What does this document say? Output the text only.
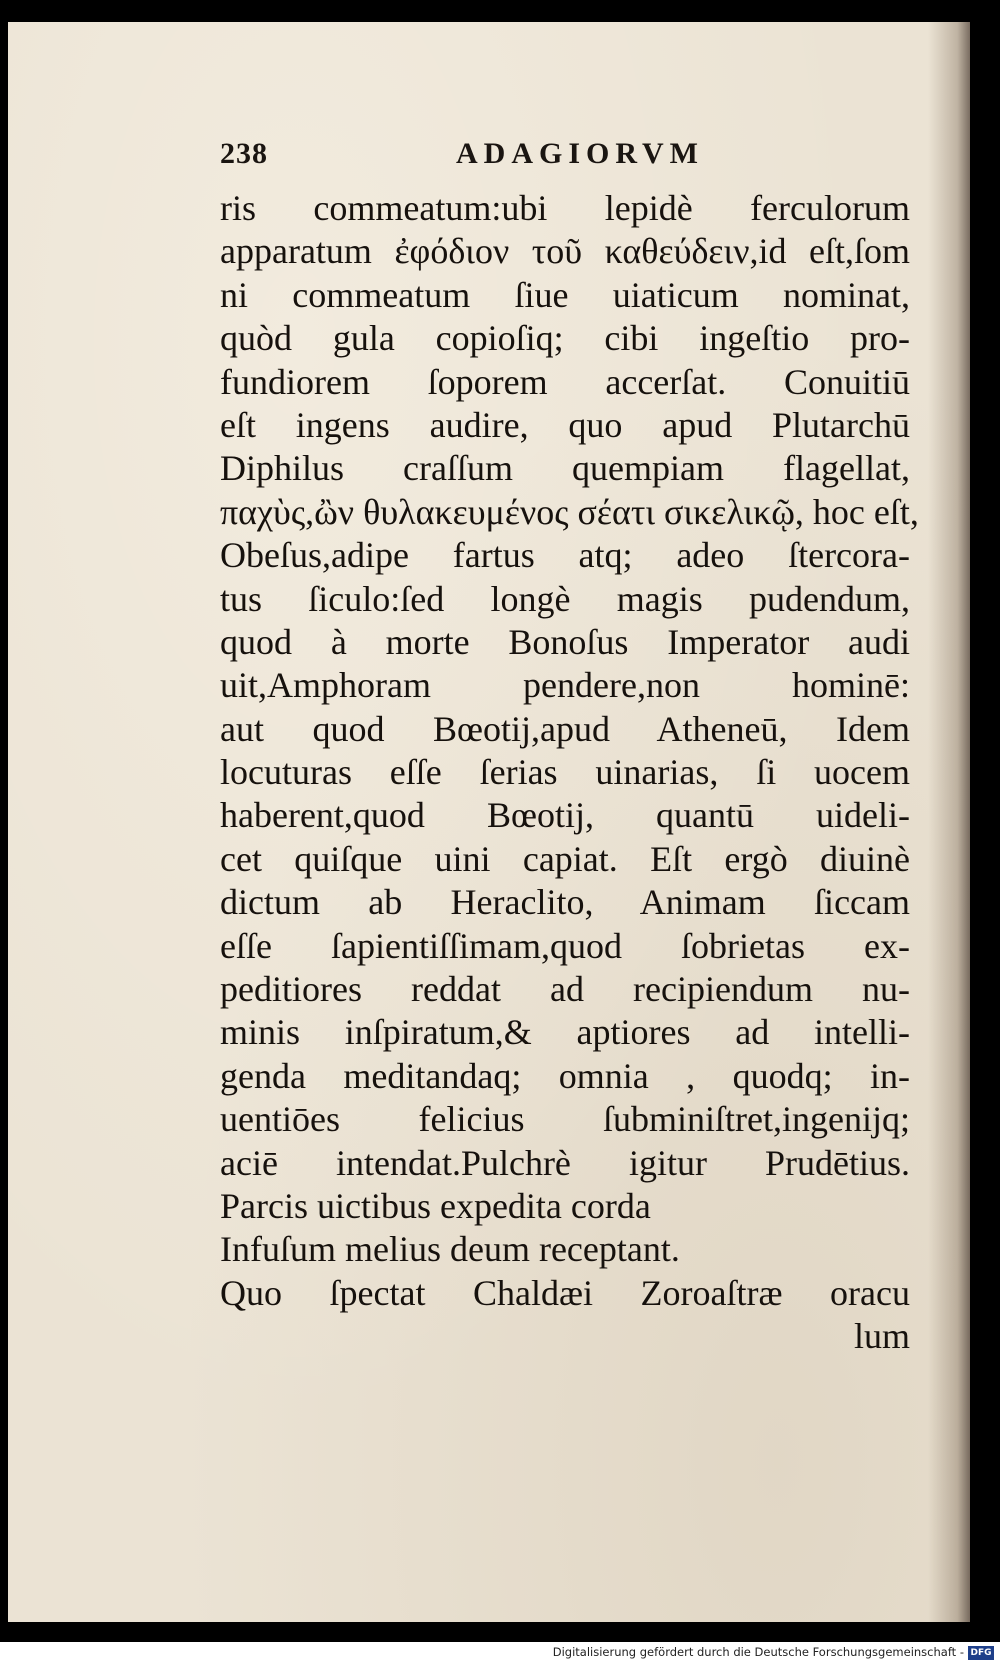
238	ADAGIORVM
ris commeatum:ubi lepidè ferculorum
apparatum ἐφόδιον τοῦ καθεύδειν,id eſt,ſom
ni commeatum ſiue uiaticum nominat,
quòd gula copioſiq; cibi ingeſtio pro-
fundiorem ſoporem accerſat. Conuitiū
eſt ingens audire, quo apud Plutarchū
Diphilus craſſum quempiam flagellat,
παχὺς,ὢν θυλακευμένος σέατι σικελικῷ, hoc eſt,
Obeſus,adipe fartus atq; adeo ſtercora-
tus ſiculo:ſed longè magis pudendum,
quod à morte Bonoſus Imperator audi
uit,Amphoram pendere,non hominē:
aut quod Bœotij,apud Atheneū, Idem
locuturas eſſe ſerias uinarias, ſi uocem
haberent,quod Bœotij, quantū uideli-
cet quiſque uini capiat. Eſt ergò diuinè
dictum ab Heraclito, Animam ſiccam
eſſe ſapientiſſimam,quod ſobrietas ex-
peditiores reddat ad recipiendum nu-
minis inſpiratum,& aptiores ad intelli-
genda meditandaq; omnia , quodq; in-
uentiōes felicius ſubminiſtret,ingenijq;
aciē intendat.Pulchrè igitur Prudētius.
Parcis uictibus expedita corda
Infuſum melius deum receptant.
Quo ſpectat Chaldæi Zoroaſtræ oracu
lum
Digitalisierung gefördert durch die Deutsche Forschungsgemeinschaft - DFG
